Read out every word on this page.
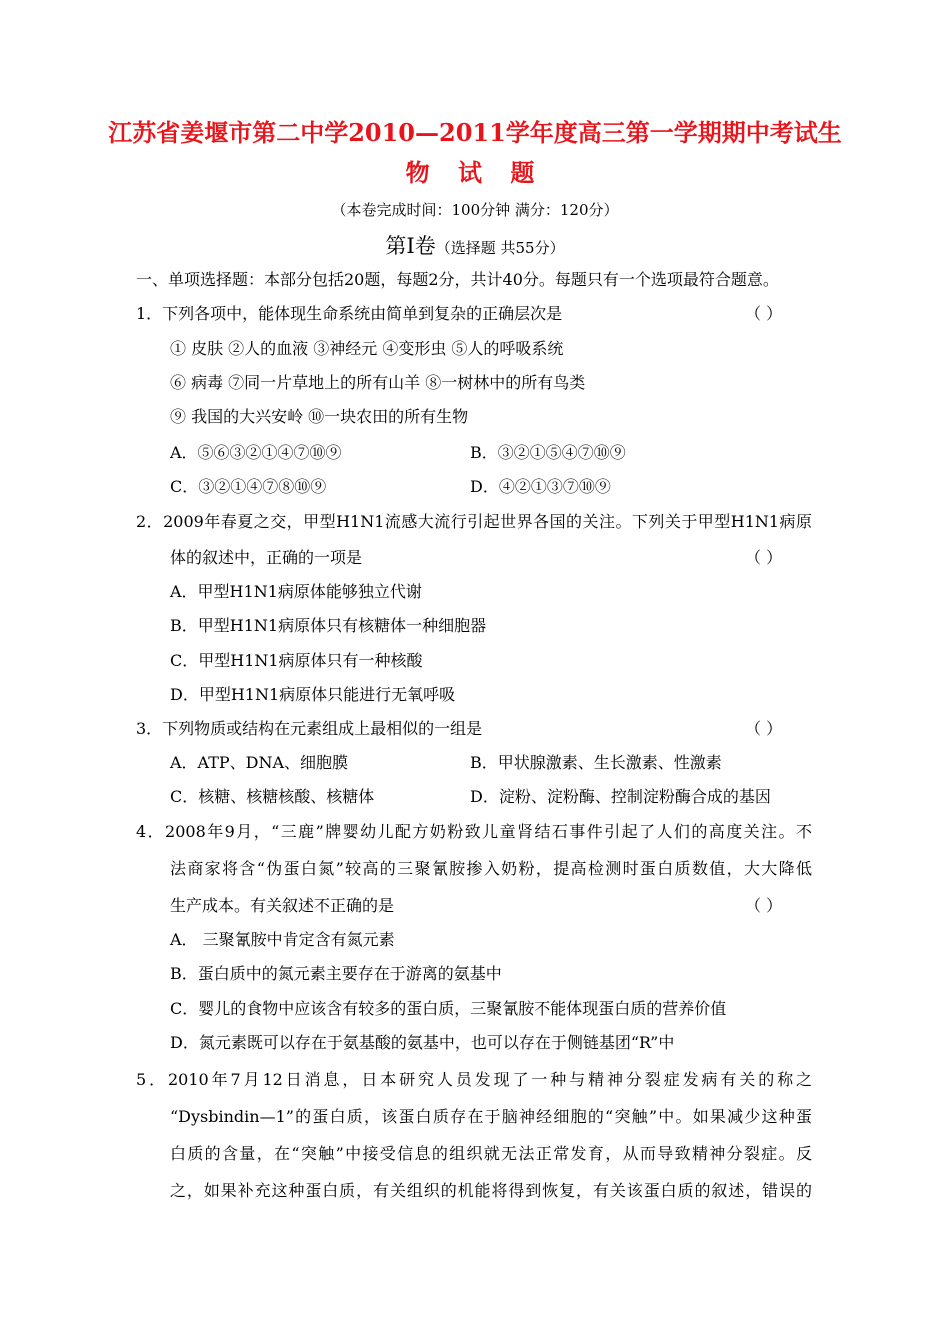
江苏省姜堰市第二中学2010—2011学年度高三第一学期期中考试生
物 试 题
（本卷完成时间：100分钟 满分：120分）
第Ⅰ卷（选择题 共55分）
一、单项选择题：本部分包括20题，每题2分，共计40分。每题只有一个选项最符合题意。
1．下列各项中，能体现生命系统由简单到复杂的正确层次是	（ ）
① 皮肤 ②人的血液 ③神经元 ④变形虫 ⑤人的呼吸系统
⑥ 病毒 ⑦同一片草地上的所有山羊 ⑧一树林中的所有鸟类
⑨ 我国的大兴安岭 ⑩一块农田的所有生物
A．⑤⑥③②①④⑦⑩⑨	B．③②①⑤④⑦⑩⑨
C．③②①④⑦⑧⑩⑨	D．④②①③⑦⑩⑨
2．2009年春夏之交，甲型H1N1流感大流行引起世界各国的关注。下列关于甲型H1N1病原
体的叙述中，正确的一项是	（ ）
A．甲型H1N1病原体能够独立代谢
B．甲型H1N1病原体只有核糖体一种细胞器
C．甲型H1N1病原体只有一种核酸
D．甲型H1N1病原体只能进行无氧呼吸
3．下列物质或结构在元素组成上最相似的一组是	（ ）
A．ATP、DNA、细胞膜	B．甲状腺激素、生长激素、性激素
C．核糖、核糖核酸、核糖体	D．淀粉、淀粉酶、控制淀粉酶合成的基因
4．2008年9月，“三鹿”牌婴幼儿配方奶粉致儿童肾结石事件引起了人们的高度关注。不
法商家将含“伪蛋白氮”较高的三聚氰胺掺入奶粉，提高检测时蛋白质数值，大大降低
生产成本。有关叙述不正确的是	（ ）
A． 三聚氰胺中肯定含有氮元素
B．蛋白质中的氮元素主要存在于游离的氨基中
C．婴儿的食物中应该含有较多的蛋白质，三聚氰胺不能体现蛋白质的营养价值
D．氮元素既可以存在于氨基酸的氨基中，也可以存在于侧链基团“R”中
5．2010年7月12日消息，日本研究人员发现了一种与精神分裂症发病有关的称之
“Dysbindin—1”的蛋白质，该蛋白质存在于脑神经细胞的“突触”中。如果减少这种蛋
白质的含量，在“突触”中接受信息的组织就无法正常发育，从而导致精神分裂症。反
之，如果补充这种蛋白质，有关组织的机能将得到恢复，有关该蛋白质的叙述，错误的
